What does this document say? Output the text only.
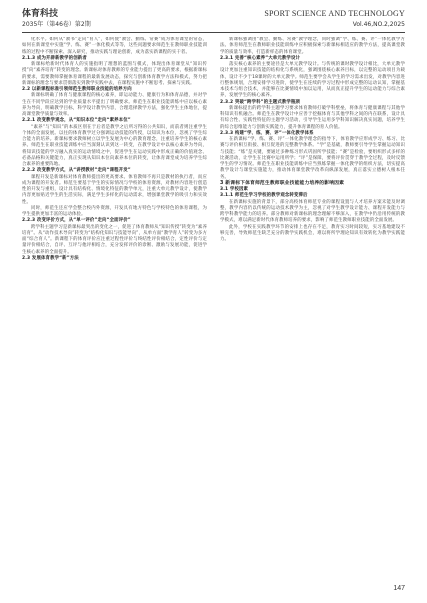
体育科技	SPORT SCIENCE AND TECHNOLOGY
2035年（第46卷）第2期	Vol.46,NO.2,2025

化水平。如何从“教书”走向“育人”，如何使“教会、勤练、常赛”成为体育课堂的常态，如何在新课堂中实施“学、练、赛”一体化模式等等，这些问题要求师范生在教师职业技能训练的过程中不断探索、深入研究，推动实践与理论创新，成为落实新课程的实干者。

2.1.3 成为开辟新教学的创新者

新课标给新时代体育人的实施指明了理想的蓝图与模式，体现出体育课堂从“知识传授”向“素养培育”转变的理念。新课标对体育教师的专业能力提出了更高的要求，根据新课标的要求，需要教师掌握体育课程的最新发展动态，探究与创新体育教学方法和模式，努力把新课标的理念与要求贯彻落实到教学实践中去，在课程实施中不断思考、探索与实践。

2.2 以新课程标准引领师范生教师职业技能的培养方向

新课标明确了体育与健康课程的核心素养，即运动能力、健康行为和体育品德，并对学生在不同学段应达到的学业质量水平提出了明确要求。师范生在职业技能训练中应以核心素养为导向，明确教学目标，科学设计教学内容，合理选择教学方法，强化学生主体地位，提高课堂教学质量与效率。

2.2.1 改变教学观念，从“知识本位”走向“素养本位”

“素养”与“知识”的本质区别在于后者是教学之后所习得的公共知识，而前者则注重学生个体的全面发展。以往的体育教学过分强调运动技能的传授，以知识为本位，忽视了学生综合能力的培养。新课标要求教师树立以学生发展为中心的教育理念，注重培养学生的核心素养。师范生在职业技能训练中应当深刻认识到这一转变，在教学设计中以核心素养为导向，将知识技能的学习融入真实的运动情境之中，促进学生在运动实践中形成正确的价值观念、必备品格和关键能力，真正实现从知识本位向素养本位的转变，让体育课堂成为培养学生综合素养的重要阵地。

2.2.2 改变教学方式，从“讲授教材”走向“课程开发”

课程开发是新课标对体育教师提出的更高要求。体育教师不再只是教材的执行者，而应成为课程的开发者。师范生要基于学生的实际情况与学校的体育资源，对教材内容进行创造性的开发与重组，设计具有结构化、情境化特征的教学单元，注重大单元教学设计，使教学内容更加贴近学生的生活实际，满足学生多样化的运动需求，增强课堂教学的吸引力和实效性。

同时，师范生还应学会整合校内外资源，开发具有地方特色与学校特色的体育课程，为学生提供更加丰富的运动体验。

2.2.3 改变评价方式，从“单一评价”走向“全面评价”

跨学科主题学习是新课标最突出的变化之一，促进了体育教师从“知识传授”转变为“素养培育”。从“动作技术导向”转变为“结构化知识与技能导向”，从单方面“教学育人”转变为多方面“综合育人”。新课程下的体育评价应注重过程性评价与终结性评价相结合，定性评价与定量评价相结合，自评、互评与他评相结合，充分发挥评价的诊断、激励与发展功能，促进学生核心素养的全面提升。

2.3 发展体育教学“新”方法

新课标强调由“教会、勤练、常赛”教学理念，同时强调“学、练、赛、评”一体化教学方法。体育师范生在教师职业技能训练中应积极探索与新课标相适应的教学方法，提高课堂教学的质量与效率，打造新样态的体育课堂。

2.3.1 完善“核心素养”大单元教学设计

落实核心素养的主要途径是大单元教学设计。与传统的课时教学设计相比，大单元教学设计更加注重知识技能的结构化与系统化，强调围绕核心素养目标，以完整的运动项目为载体，设计不少于18课时的大单元教学。师范生要学会从学生的学习需求出发，对教学内容进行整体规划，合理安排学习进阶，使学生在连续的学习过程中形成完整的运动认知，掌握基本技术与组合技术，并能够在比赛情境中加以运用，从而真正提升学生的运动能力与综合素养，发展学生的核心素养。

2.3.2 突破“跨学科”的主题式教学瓶颈

新课标提出的跨学科主题学习要求体育教师打破学科壁垒，将体育与健康课程与其他学科知识有机融合。师范生在教学设计中应善于挖掘体育与其他学科之间的内在联系，设计具有综合性、实践性特征的主题学习活动，引导学生运用多学科知识解决真实问题，培养学生的综合思维能力与创新实践能力，提升体育课程的育人价值。

2.3.3 构建“学、练、赛、评”一体化教学体系

在新课标“学、练、赛、评”一体化教学理念的指导下，体育教学应形成学习、练习、比赛与评价相互衔接、相互促进的完整教学体系。“学”是基础，教师要引导学生掌握运动知识与技能；“练”是关键，要通过多种练习形式巩固所学技能；“赛”是检验，要组织形式多样的比赛活动，让学生在比赛中运用所学；“评”是保障，要将评价贯穿于教学全过程，及时反馈学生的学习情况。师范生在职业技能训练中应当熟练掌握一体化教学的组织方法，切实提高教学设计与课堂实施能力，推动体育课堂教学改革向纵深发展，真正落实立德树人根本任务。

3 新课标下体育师范生教师职业技能能力培养的影响因素
3.1 学校因素
3.1.1 师范生学习学校的教学观念转变滞后

在新课标实施的背景下，部分高校体育师范专业的课程设置与人才培养方案未能及时调整，教学内容仍以传统的运动技术教学为主，忽视了对学生教学设计能力、课程开发能力与跨学科教学能力的培养。部分教师对新课标的理念理解不够深入，在教学中仍沿用传统的教学模式，难以满足新时代体育教师培养的要求，影响了师范生教师职业技能的全面发展。

此外，学校在实践教学环节的安排上也存在不足，教育实习时间较短，实习基地建设不够完善，导致师范生缺乏充分的教学实践机会，难以将所学理论知识有效转化为教学实践能力。

147
